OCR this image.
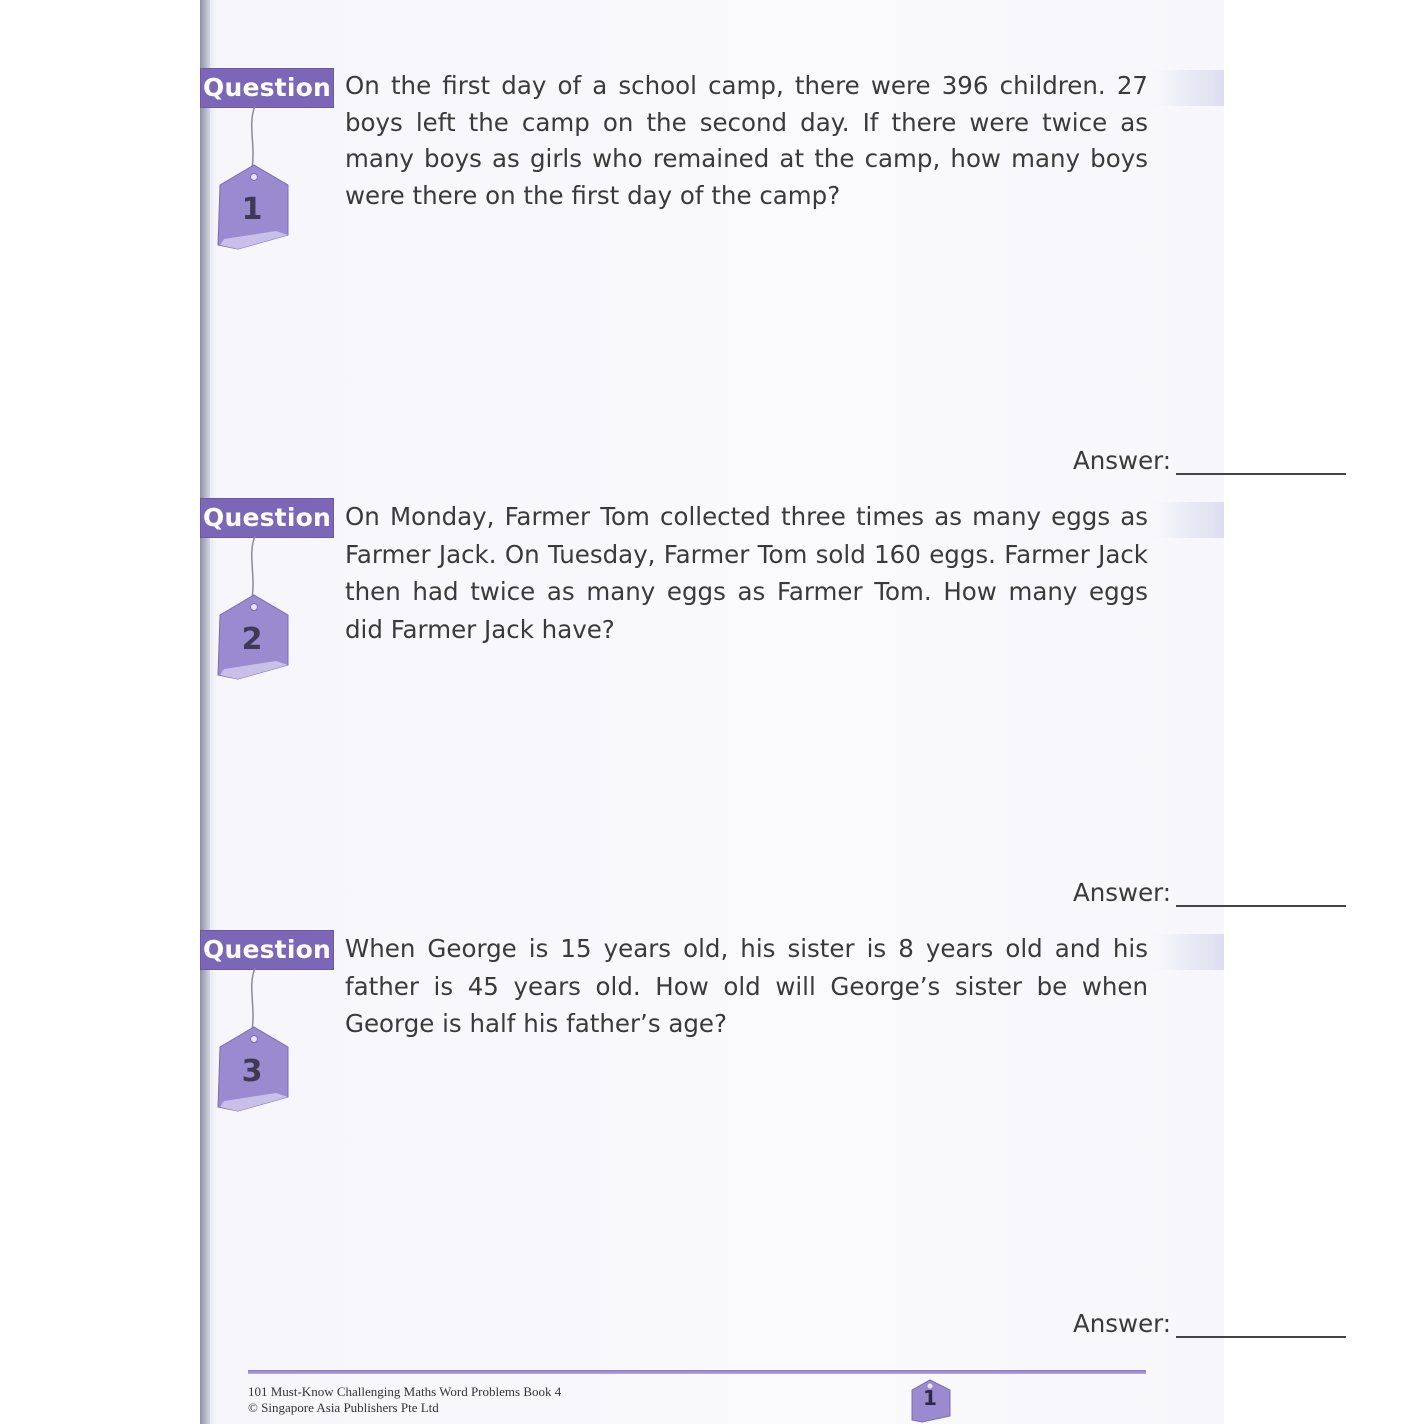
Question
1

On the first day of a school camp, there were 396 children. 27 boys left the camp on the second day. If there were twice as many boys as girls who remained at the camp, how many boys were there on the first day of the camp?

Answer:
Question
2

On Monday, Farmer Tom collected three times as many eggs as Farmer Jack. On Tuesday, Farmer Tom sold 160 eggs. Farmer Jack then had twice as many eggs as Farmer Tom. How many eggs did Farmer Jack have?

Answer:
Question
3

When George is 15 years old, his sister is 8 years old and his father is 45 years old. How old will George’s sister be when George is half his father’s age?

Answer:
101 Must-Know Challenging Maths Word Problems Book 4
© Singapore Asia Publishers Pte Ltd	1
